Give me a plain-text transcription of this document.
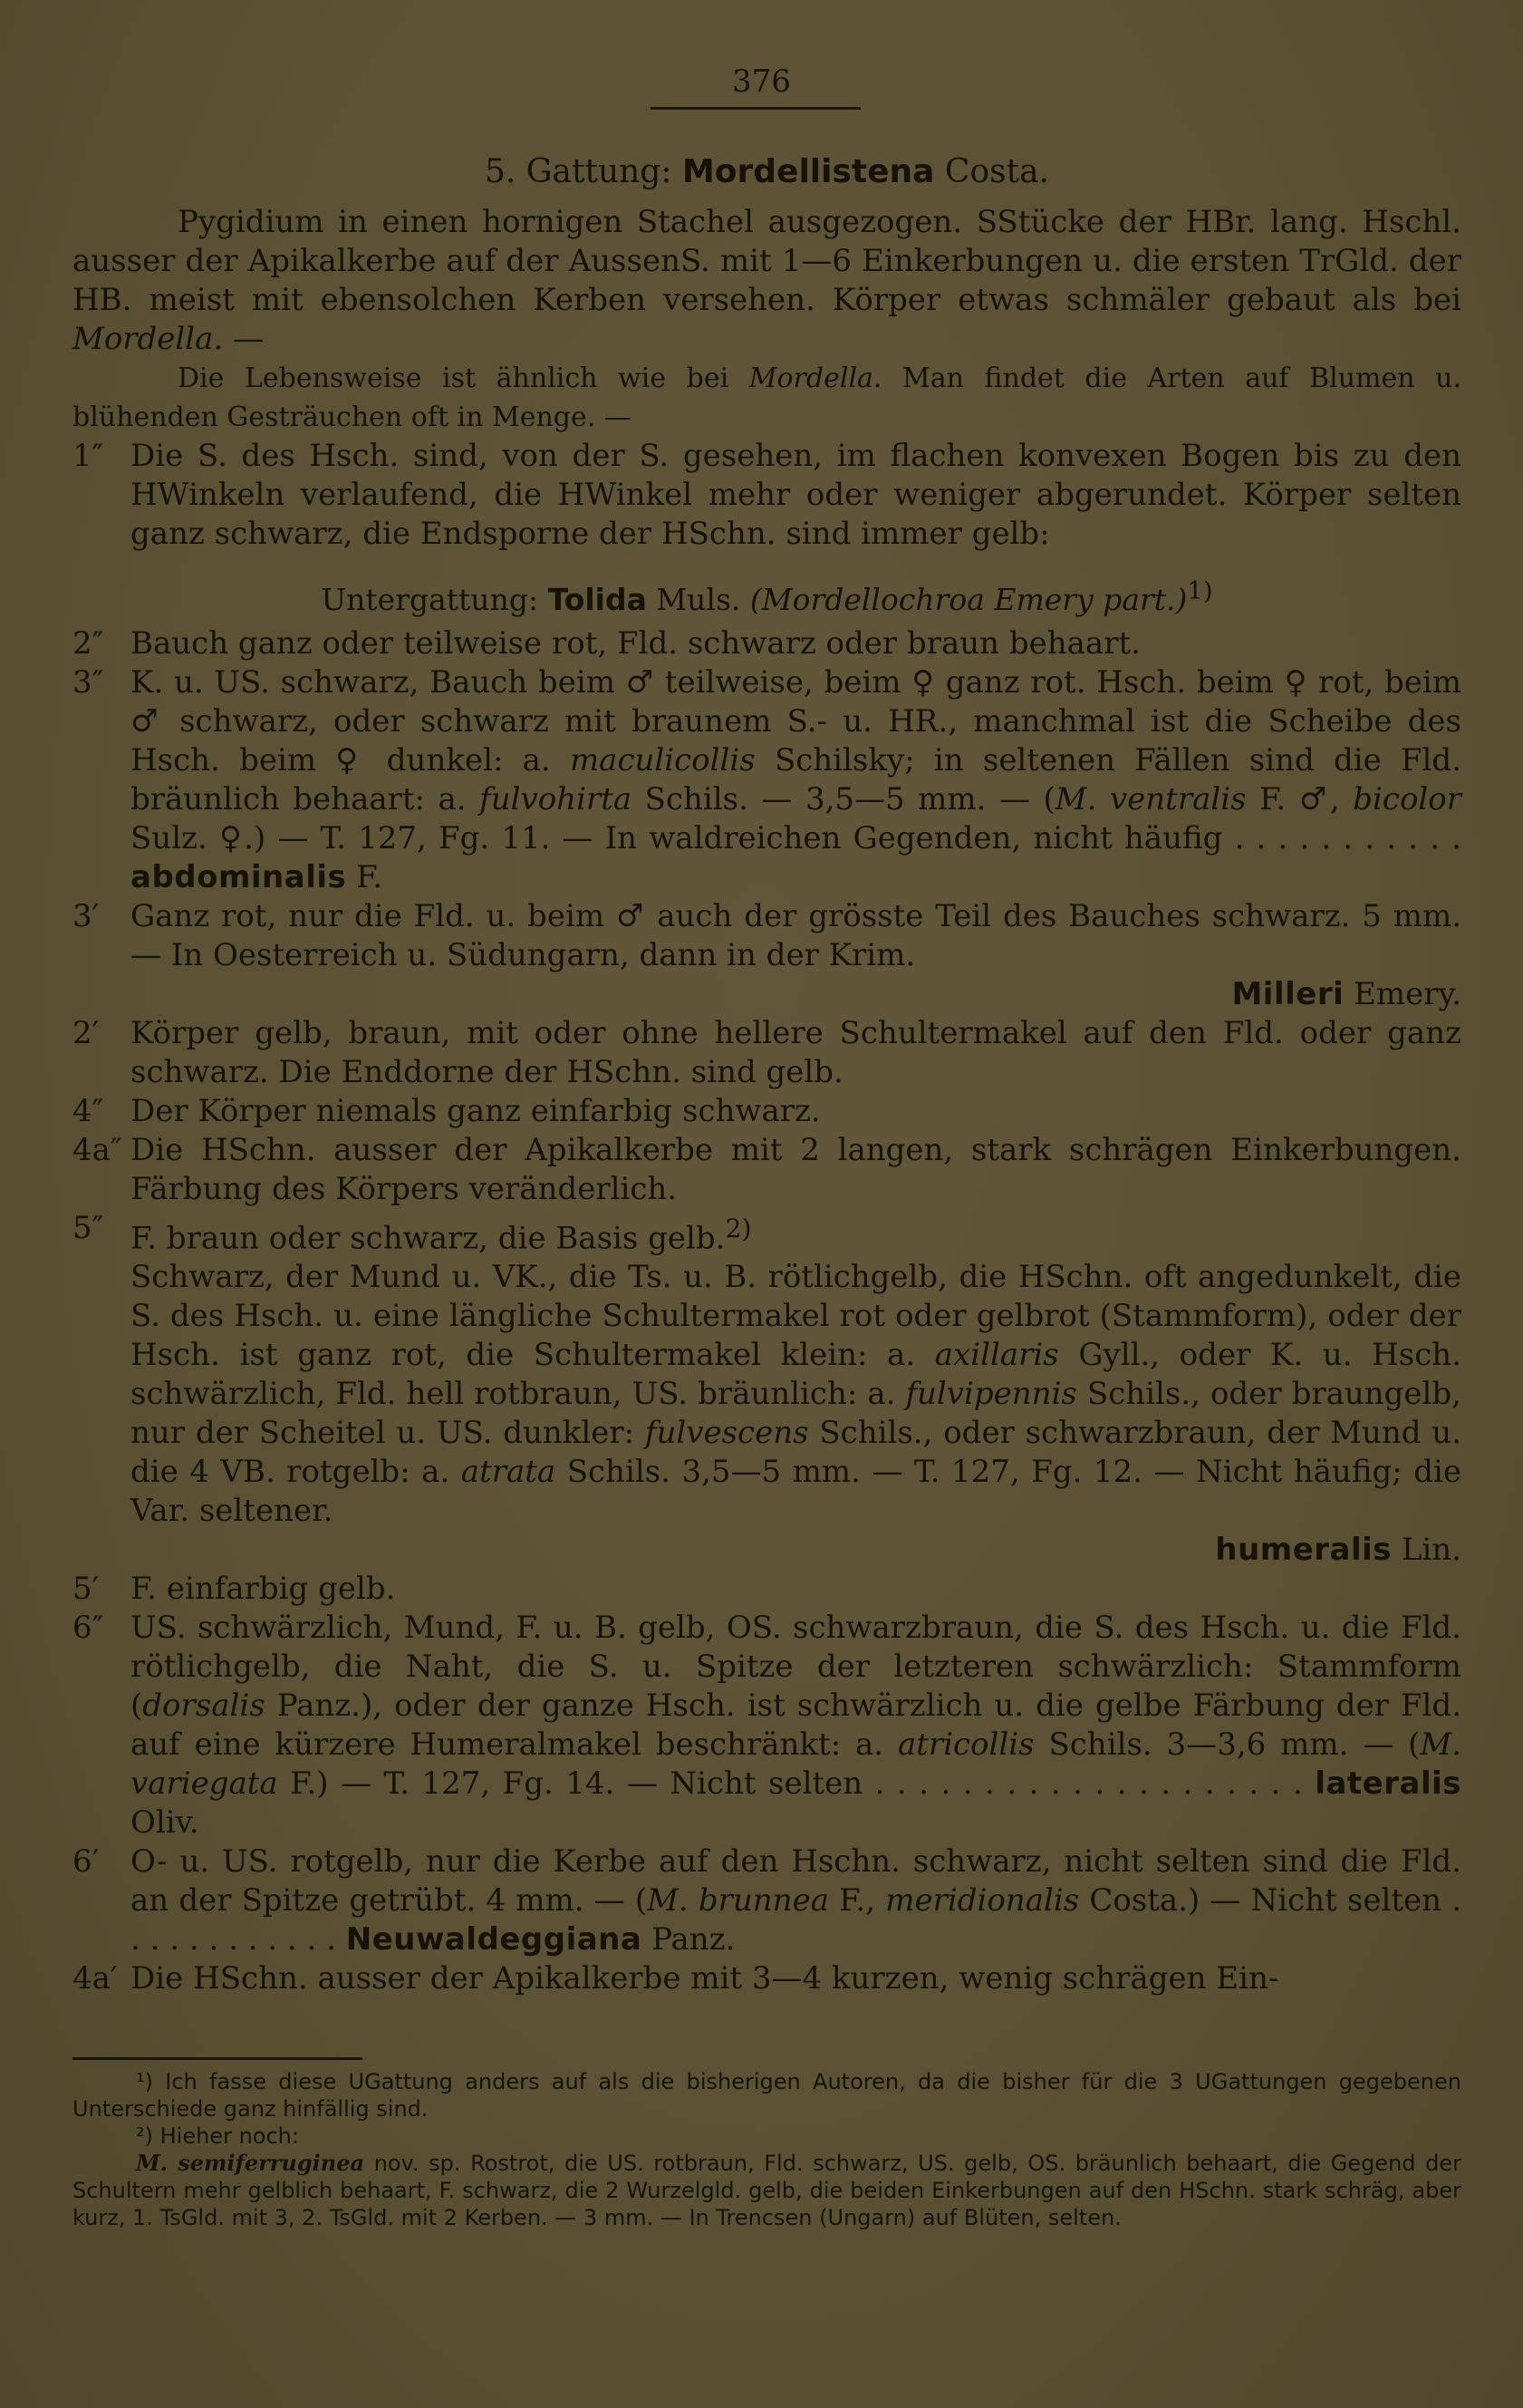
376
5. Gattung: Mordellistena Costa.

Pygidium in einen hornigen Stachel ausgezogen. SStücke der HBr. lang. Hschl. ausser der Apikalkerbe auf der AussenS. mit 1—6 Einkerbungen u. die ersten TrGld. der HB. meist mit ebensolchen Kerben versehen. Körper etwas schmäler gebaut als bei Mordella. —

Die Lebensweise ist ähnlich wie bei Mordella. Man findet die Arten auf Blumen u. blühenden Gesträuchen oft in Menge. —

1″ Die S. des Hsch. sind, von der S. gesehen, im flachen konvexen Bogen bis zu den HWinkeln verlaufend, die HWinkel mehr oder weniger abgerundet. Körper selten ganz schwarz, die Endsporne der HSchn. sind immer gelb:
Untergattung: Tolida Muls. (Mordellochroa Emery part.)$^{1)}$
2″ Bauch ganz oder teilweise rot, Fld. schwarz oder braun behaart.
3″ K. u. US. schwarz, Bauch beim ♂ teilweise, beim ♀ ganz rot. Hsch. beim ♀ rot, beim ♂ schwarz, oder schwarz mit braunem S.- u. HR., manchmal ist die Scheibe des Hsch. beim ♀ dunkel: a. maculicollis Schilsky; in seltenen Fällen sind die Fld. bräunlich behaart: a. fulvohirta Schils. — 3,5—5 mm. — (M. ventralis F. ♂, bicolor Sulz. ♀.) — T. 127, Fg. 11. — In waldreichen Gegenden, nicht häufig . . . . . . . . . . . abdominalis F.
3′	Ganz rot, nur die Fld. u. beim ♂ auch der grösste Teil des Bauches schwarz. 5 mm. — In Oesterreich u. Südungarn, dann in der Krim.
Milleri Emery.
2′	Körper gelb, braun, mit oder ohne hellere Schultermakel auf den Fld. oder ganz schwarz. Die Enddorne der HSchn. sind gelb.
4″ Der Körper niemals ganz einfarbig schwarz.
4a″ Die HSchn. ausser der Apikalkerbe mit 2 langen, stark schrägen Einkerbungen. Färbung des Körpers veränderlich.
5″ F. braun oder schwarz, die Basis gelb.$^{2)}$
Schwarz, der Mund u. VK., die Ts. u. B. rötlichgelb, die HSchn. oft angedunkelt, die S. des Hsch. u. eine längliche Schultermakel rot oder gelbrot (Stammform), oder der Hsch. ist ganz rot, die Schultermakel klein: a. axillaris Gyll., oder K. u. Hsch. schwärzlich, Fld. hell rotbraun, US. bräunlich: a. fulvipennis Schils., oder braungelb, nur der Scheitel u. US. dunkler: fulvescens Schils., oder schwarzbraun, der Mund u. die 4 VB. rotgelb: a. atrata Schils. 3,5—5 mm. — T. 127, Fg. 12. — Nicht häufig; die Var. seltener.
humeralis Lin.
5′	F. einfarbig gelb.
6″ US. schwärzlich, Mund, F. u. B. gelb, OS. schwarzbraun, die S. des Hsch. u. die Fld. rötlichgelb, die Naht, die S. u. Spitze der letzteren schwärzlich: Stammform (dorsalis Panz.), oder der ganze Hsch. ist schwärzlich u. die gelbe Färbung der Fld. auf eine kürzere Humeralmakel beschränkt: a. atricollis Schils. 3—3,6 mm. — (M. variegata F.) — T. 127, Fg. 14. — Nicht selten . . . . . . . . . . . . . . . . . . . . lateralis Oliv.
6′	O- u. US. rotgelb, nur die Kerbe auf den Hschn. schwarz, nicht selten sind die Fld. an der Spitze getrübt. 4 mm. — (M. brunnea F., meridionalis Costa.) — Nicht selten . . . . . . . . . . . . Neuwaldeggiana Panz.
4a′ Die HSchn. ausser der Apikalkerbe mit 3—4 kurzen, wenig schrägen Ein-

¹) Ich fasse diese UGattung anders auf als die bisherigen Autoren, da die bisher für die 3 UGattungen gegebenen Unterschiede ganz hinfällig sind.

²) Hieher noch:

M. semiferruginea nov. sp. Rostrot, die US. rotbraun, Fld. schwarz, US. gelb, OS. bräunlich behaart, die Gegend der Schultern mehr gelblich behaart, F. schwarz, die 2 Wurzelgld. gelb, die beiden Einkerbungen auf den HSchn. stark schräg, aber kurz, 1. TsGld. mit 3, 2. TsGld. mit 2 Kerben. — 3 mm. — In Trencsen (Ungarn) auf Blüten, selten.
